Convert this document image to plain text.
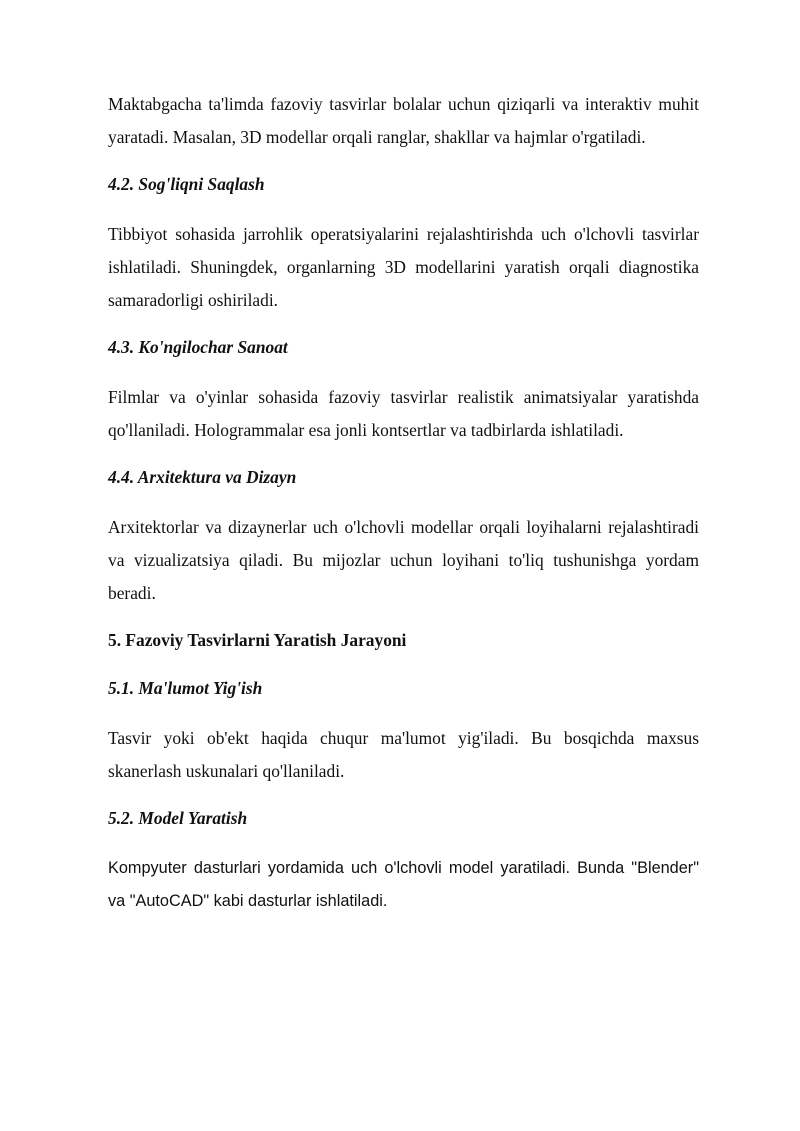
Maktabgacha ta'limda fazoviy tasvirlar bolalar uchun qiziqarli va interaktiv muhit yaratadi. Masalan, 3D modellar orqali ranglar, shakllar va hajmlar o'rgatiladi.

4.2. Sog'liqni Saqlash

Tibbiyot sohasida jarrohlik operatsiyalarini rejalashtirishda uch o'lchovli tasvirlar ishlatiladi. Shuningdek, organlarning 3D modellarini yaratish orqali diagnostika samaradorligi oshiriladi.

4.3. Ko'ngilochar Sanoat

Filmlar va o'yinlar sohasida fazoviy tasvirlar realistik animatsiyalar yaratishda qo'llaniladi. Hologrammalar esa jonli kontsertlar va tadbirlarda ishlatiladi.

4.4. Arxitektura va Dizayn

Arxitektorlar va dizaynerlar uch o'lchovli modellar orqali loyihalarni rejalashtiradi va vizualizatsiya qiladi. Bu mijozlar uchun loyihani to'liq tushunishga yordam beradi.

5. Fazoviy Tasvirlarni Yaratish Jarayoni
5.1. Ma'lumot Yig'ish

Tasvir yoki ob'ekt haqida chuqur ma'lumot yig'iladi. Bu bosqichda maxsus skanerlash uskunalari qo'llaniladi.

5.2. Model Yaratish

Kompyuter dasturlari yordamida uch o'lchovli model yaratiladi. Bunda "Blender" va "AutoCAD" kabi dasturlar ishlatiladi.
